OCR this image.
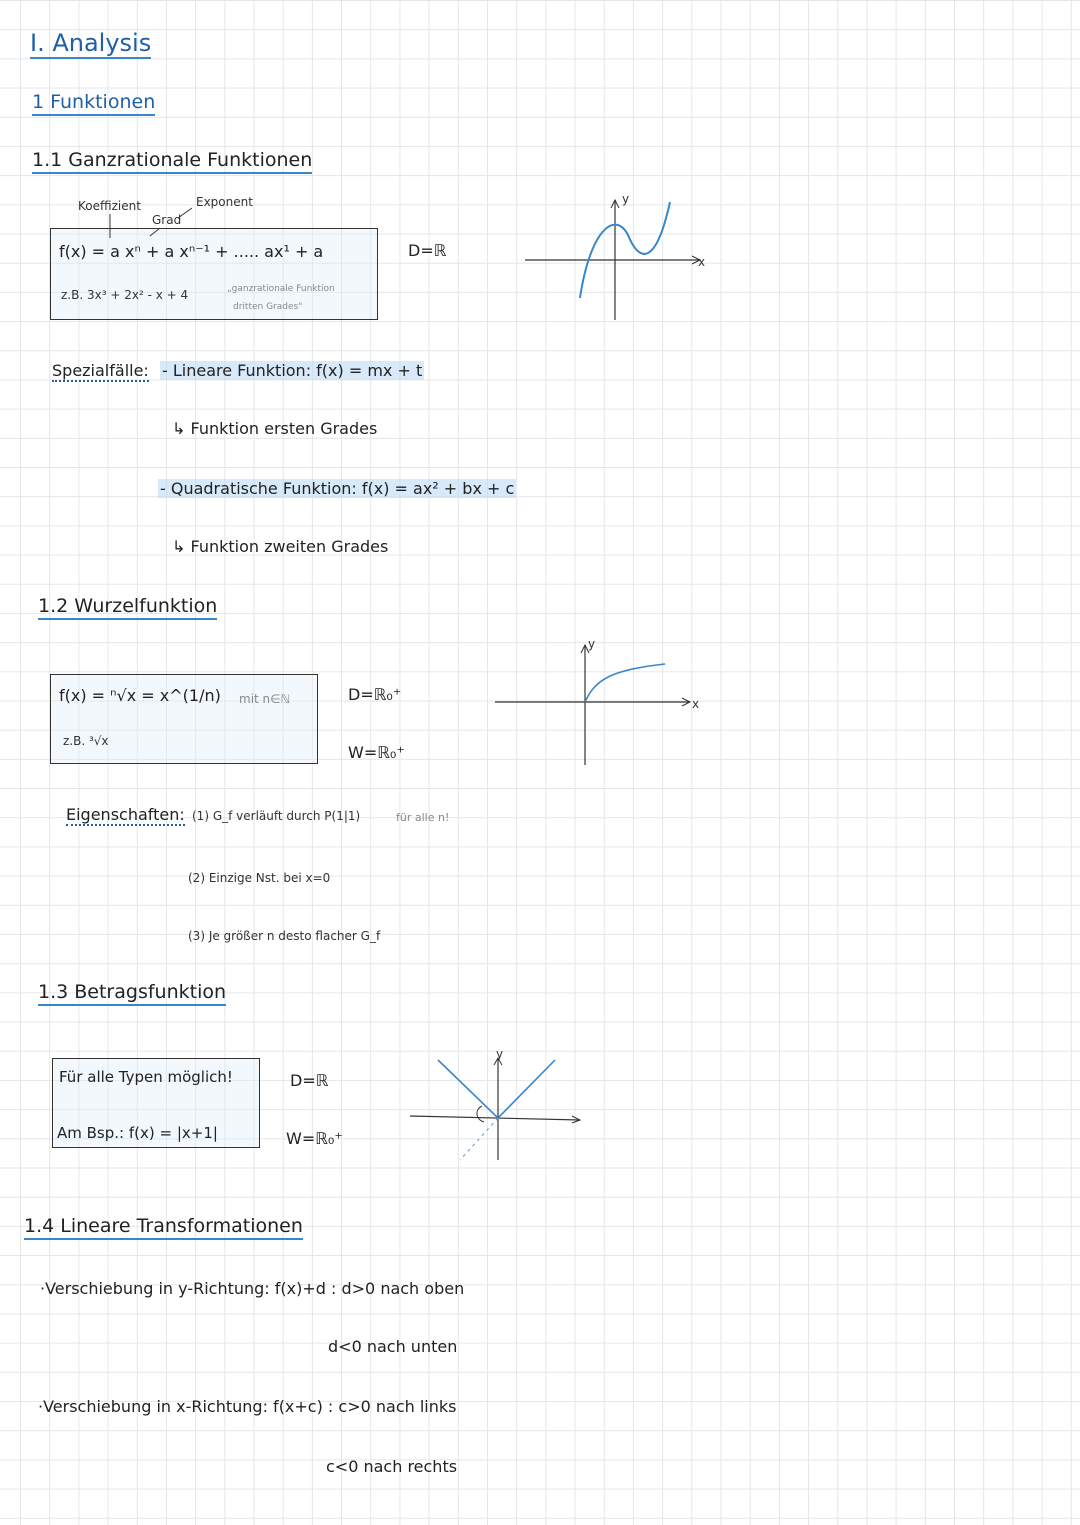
I. Analysis
1 Funktionen
1.1 Ganzrationale Funktionen
Koeffizient	Exponent
Grad
f(x) = a xⁿ + a xⁿ⁻¹ + ..... ax¹ + a
z.B. 3x³ + 2x² - x + 4	„ganzrationale Funktion
dritten Grades"
D=ℝ
y
x
Spezialfälle: - Lineare Funktion: f(x) = mx + t
↳ Funktion ersten Grades
- Quadratische Funktion: f(x) = ax² + bx + c
↳ Funktion zweiten Grades
1.2 Wurzelfunktion
f(x) = ⁿ√x = x^(1/n) mit n∈ℕ
z.B. ³√x
D=ℝ₀⁺
W=ℝ₀⁺
y
x
Eigenschaften: (1) G_f verläuft durch P(1|1)	für alle n!
(2) Einzige Nst. bei x=0
(3) Je größer n desto flacher G_f
1.3 Betragsfunktion
Für alle Typen möglich!
Am Bsp.: f(x) = |x+1|
D=ℝ
W=ℝ₀⁺
y
1.4 Lineare Transformationen
·Verschiebung in y-Richtung: f(x)+d : d>0 nach oben
d<0 nach unten
·Verschiebung in x-Richtung: f(x+c) : c>0 nach links
c<0 nach rechts
